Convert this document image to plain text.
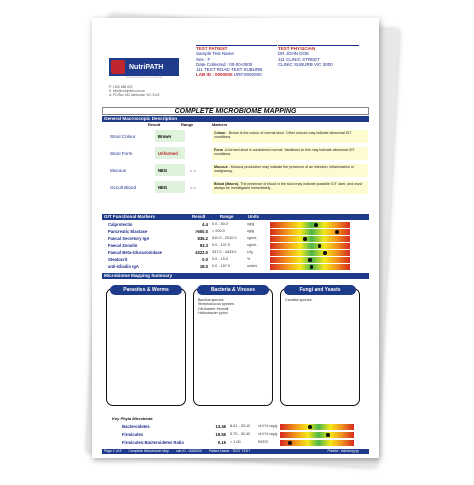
NutriPATH
INTEGRATIVE PATHOLOGY SERVICES
P: 1300 688 522
E: info@nutripath.com.au
A: PO Box 442 Ashburton VIC 3142
TEST PATIENT
Sample Test Name
Sex : F
Date Collected : 00-00-0000
111 TEST ROAD TEST SUBURB
LAB ID : 0000000 UR#:0000000
TEST PHYSICIAN
DR JOHN DOE
111 CLINIC STREET
CLINIC SUBURB VIC 3000
COMPLETE MICROBIOME MAPPING
General Macroscopic Description
Result	Range	Markers
Stool Colour	Brown
Colour - Brown is the colour of normal stool. Other colours may indicate abnormal GIT conditions.
Stool Form	Unformed
Form -A formed stool is considered normal. Variations to this may indicate abnormal GIT conditions.
Mucous	NEG	< <
Mucous - Mucous production may indicate the presence of an infection, inflammation or malignancy.
Occult Blood	NEG	< <
Blood (Macro)- The presence of blood in the stool may indicate possible GIT ulcer, and must always be investigated immediately.
GIT Functional Markers	Result	Range	Units
Calprotectin	4.4 0.0 - 50.0	ug/g
Pancreatic Elastase	>500.0 > 200.0	ug/g
Faecal Secretory IgA	836.2 510.0 - 2010.0	ug/mL
Faecal Zonulin	93.3 0.0 - 107.0	ng/mL
Faecal Beta-Glucuronidase	4322.0 337.0 - 4433.0	U/g
Steatocrit	0.0 0.0 - 15.0	%
anti-Gliadin IgA	18.0 0.0 - 157.0	units/L
Microbiome Mapping Summary
Parasites & Worms	Bacteria & Viruses
Bacillus species
Streptococcus species
Citrobacter freundii
Helicobacter pylori
Fungi and Yeasts
Candida species.
Key Phyla Microbiota
Bacteroidetes	13.46 8.61 - 33.10 x10^11 org/g
Firmicutes	19.55 5.70 - 30.40 x10^11 org/g
Firmicutes:Bacteroidetes Ratio	0.15 < 1.00	RATIO
Page 1 of 8 Complete Microbiome Map Lab ID : 0000000 Patient Name : TEST TEST	Printed : dd/mm/yyyy
